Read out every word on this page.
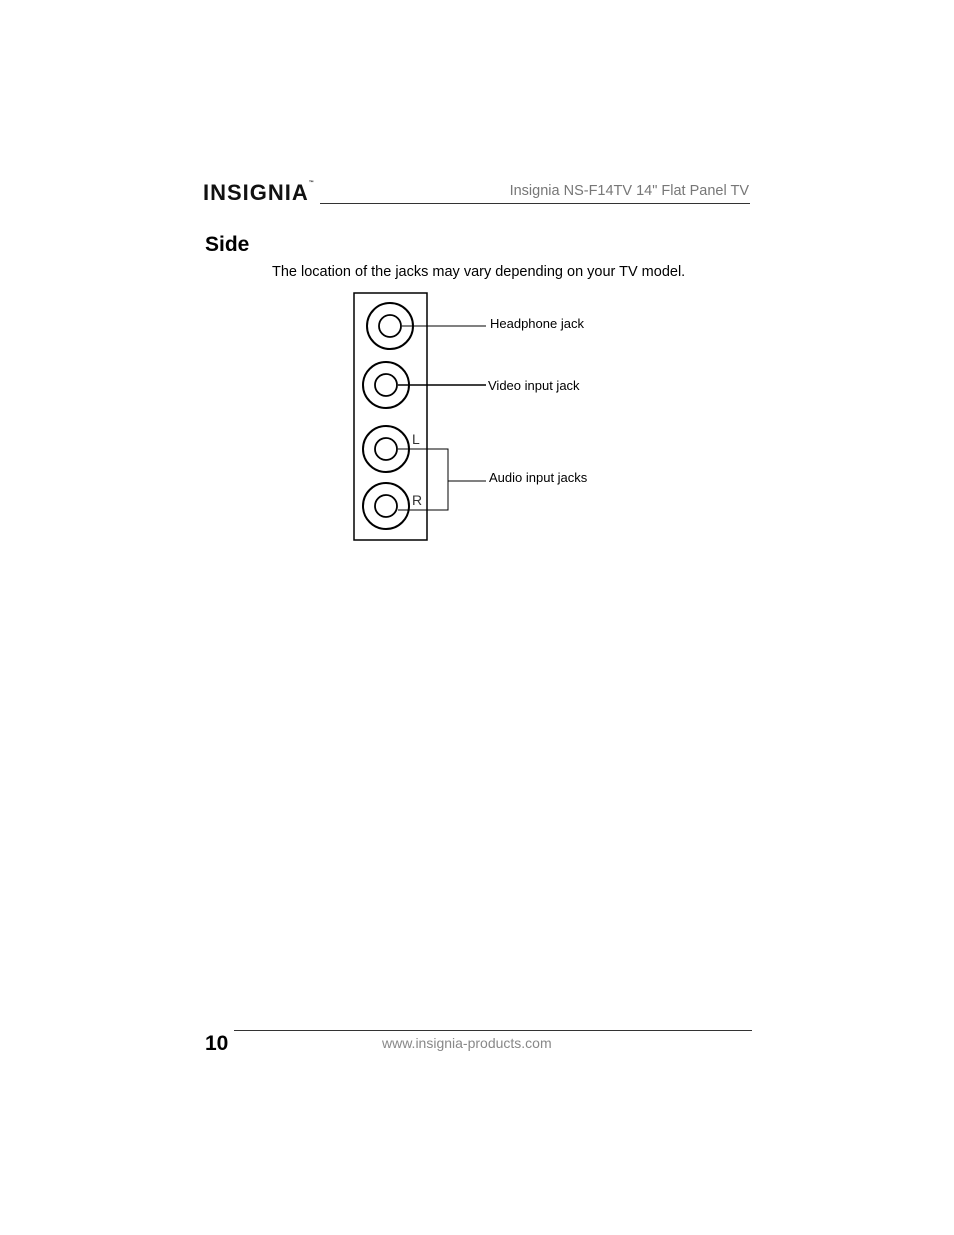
INSIGNIA™	Insignia NS-F14TV 14" Flat Panel TV
Side
The location of the jacks may vary depending on your TV model.
L
R
Headphone jack
Video input jack
Audio input jacks
10	www.insignia-products.com
